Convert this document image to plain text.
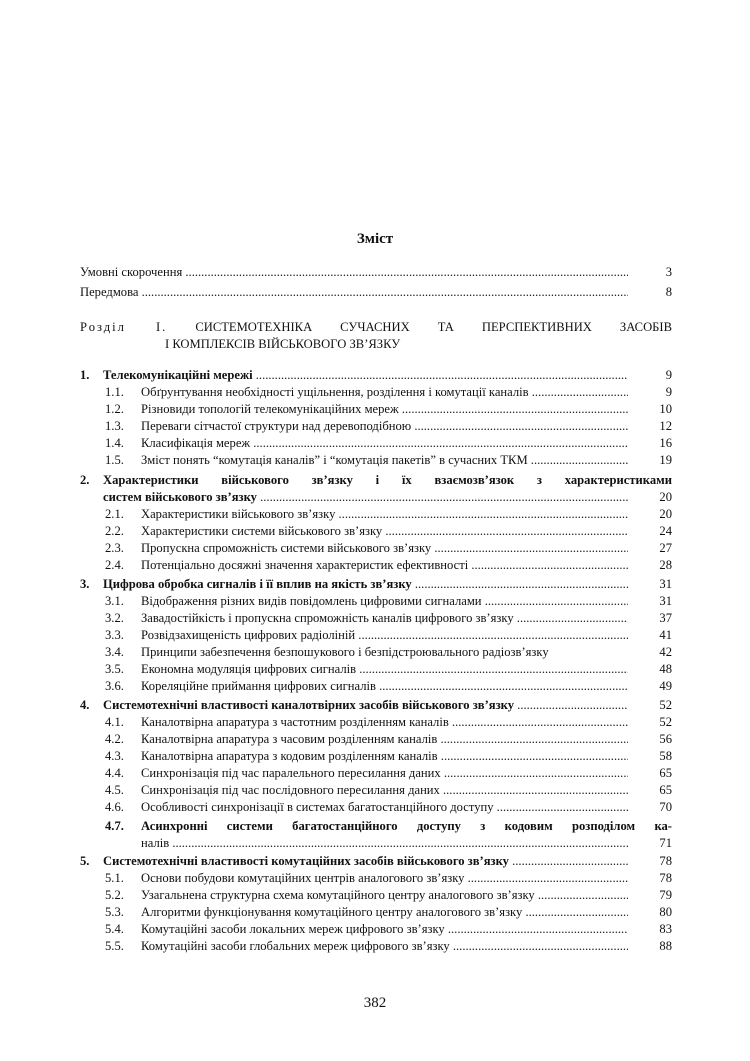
Зміст
Умовні скорочення .....	3
Передмова .....	8
Розділ I. СИСТЕМОТЕХНІКА СУЧАСНИХ ТА ПЕРСПЕКТИВНИХ ЗАСОБІВ
І КОМПЛЕКСІВ ВІЙСЬКОВОГО ЗВ’ЯЗКУ
1. Телекомунікаційні мережі .....	9
1.1. Обґрунтування необхідності ущільнення, розділення і комутації каналів .....	9
1.2. Різновиди топологій телекомунікаційних мереж .....	10
1.3. Переваги сітчастої структури над деревоподібною .....	12
1.4. Класифікація мереж .....	16
1.5. Зміст понять “комутація каналів” і “комутація пакетів” в сучасних ТКМ .....	19
2. Характеристики військового зв’язку і їх взаємозв’язок з характеристиками
систем військового зв’язку .....	20
2.1. Характеристики військового зв’язку .....	20
2.2. Характеристики системи військового зв’язку .....	24
2.3. Пропускна спроможність системи військового зв’язку .....	27
2.4. Потенціально досяжні значення характеристик ефективності .....	28
3. Цифрова обробка сигналів і її вплив на якість зв’язку .....	31
3.1. Відображення різних видів повідомлень цифровими сигналами .....	31
3.2. Завадостійкість і пропускна спроможність каналів цифрового зв’язку .....	37
3.3. Розвідзахищеність цифрових радіоліній .....	41
3.4. Принципи забезпечення безпошукового і безпідстроювального радіозв’язку	42
3.5. Економна модуляція цифрових сигналів .....	48
3.6. Кореляційне приймання цифрових сигналів .....	49
4. Системотехнічні властивості каналотвірних засобів військового зв’язку .....	52
4.1. Каналотвірна апаратура з частотним розділенням каналів .....	52
4.2. Каналотвірна апаратура з часовим розділенням каналів .....	56
4.3. Каналотвірна апаратура з кодовим розділенням каналів .....	58
4.4. Синхронізація під час паралельного пересилання даних .....	65
4.5. Синхронізація під час послідовного пересилання даних .....	65
4.6. Особливості синхронізації в системах багатостанційного доступу .....	70
4.7. Асинхронні системи багатостанційного доступу з кодовим розподілом ка-
налів .....	71
5. Системотехнічні властивості комутаційних засобів військового зв’язку .....	78
5.1. Основи побудови комутаційних центрів аналогового зв’язку .....	78
5.2. Узагальнена структурна схема комутаційного центру аналогового зв’язку .....	79
5.3. Алгоритми функціонування комутаційного центру аналогового зв’язку .....	80
5.4. Комутаційні засоби локальних мереж цифрового зв’язку .....	83
5.5. Комутаційні засоби глобальних мереж цифрового зв’язку .....	88
382
